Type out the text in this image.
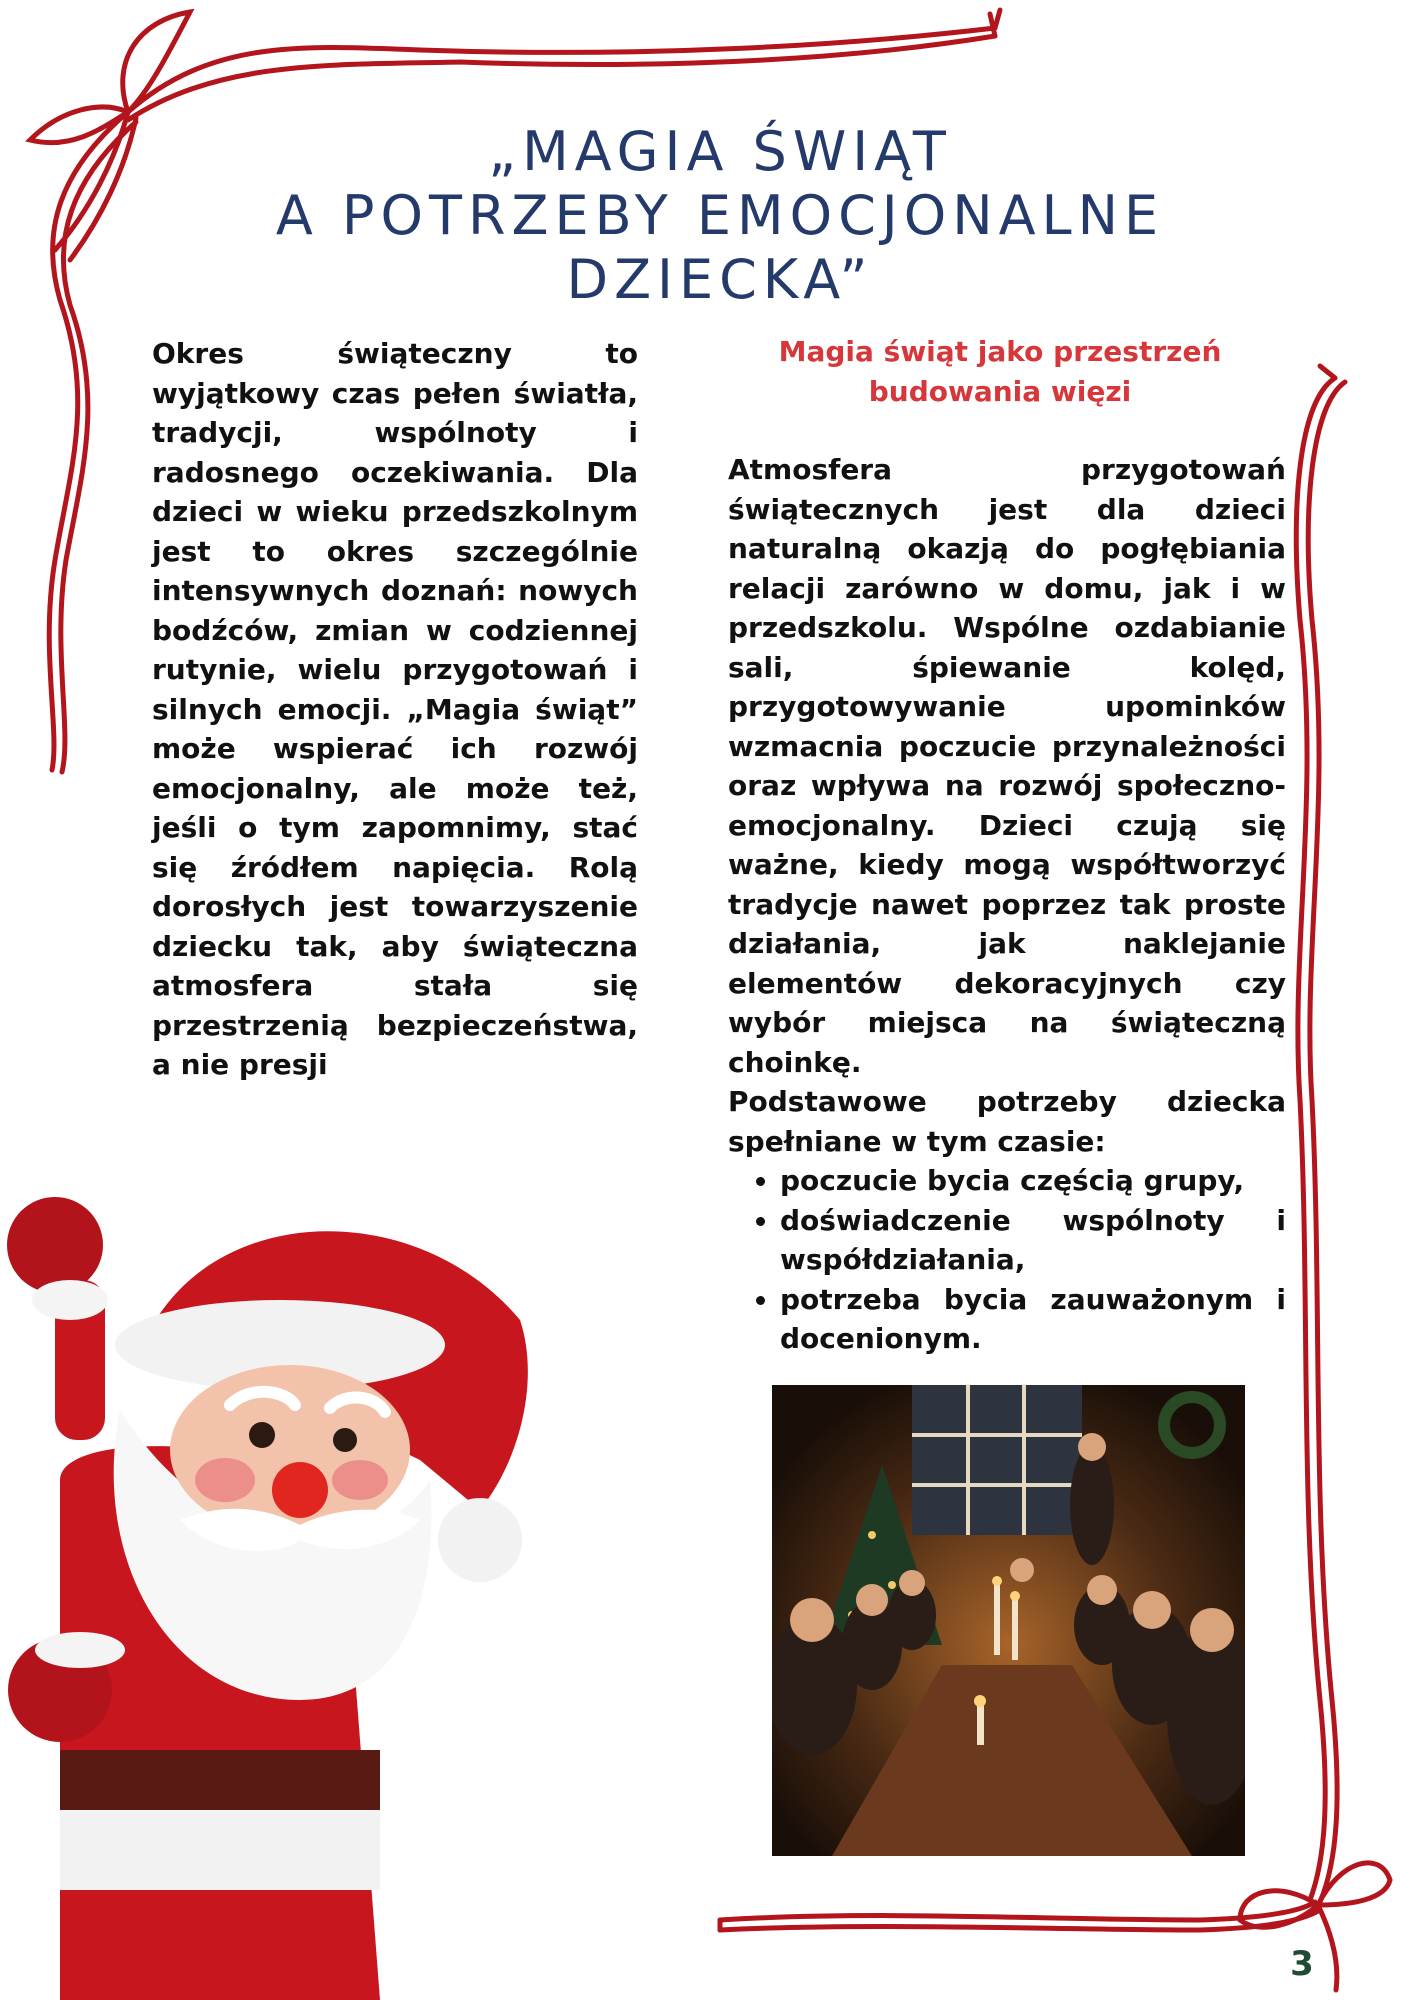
„MAGIA ŚWIĄT
A POTRZEBY EMOCJONALNE DZIECKA”

Okres świąteczny to wyjątkowy czas pełen światła, tradycji, wspólnoty i radosnego oczekiwania. Dla dzieci w wieku przedszkolnym jest to okres szczególnie intensywnych doznań: nowych bodźców, zmian w codziennej rutynie, wielu przygotowań i silnych emocji. „Magia świąt” może wspierać ich rozwój emocjonalny, ale może też, jeśli o tym zapomnimy, stać się źródłem napięcia. Rolą dorosłych jest towarzyszenie dziecku tak, aby świąteczna atmosfera stała się przestrzenią bezpieczeństwa, a nie presji

Magia świąt jako przestrzeń budowania więzi

Atmosfera przygotowań świątecznych jest dla dzieci naturalną okazją do pogłębiania relacji zarówno w domu, jak i w przedszkolu. Wspólne ozdabianie sali, śpiewanie kolęd, przygotowywanie upominków wzmacnia poczucie przynależności oraz wpływa na rozwój społeczno-emocjonalny. Dzieci czują się ważne, kiedy mogą współtworzyć tradycje nawet poprzez tak proste działania, jak naklejanie elementów dekoracyjnych czy wybór miejsca na świąteczną choinkę.

Podstawowe potrzeby dziecka spełniane w tym czasie:

• poczucie bycia częścią grupy,
• doświadczenie wspólnoty i współdziałania,
• potrzeba bycia zauważonym i docenionym.
3
